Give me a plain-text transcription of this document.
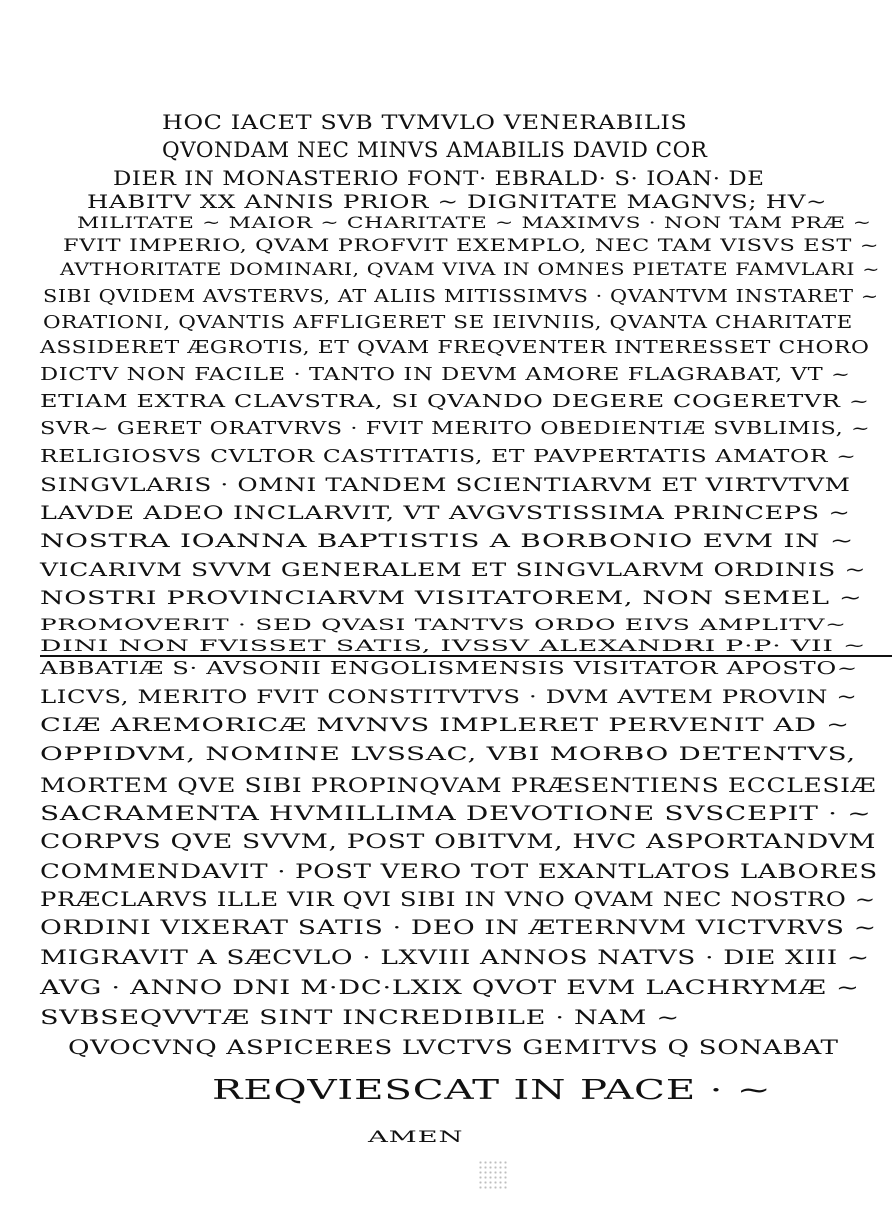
HOC IACET SVB TVMVLO VENERABILIS
QVONDAM NEC MINVS AMABILIS DAVID COR
DIER IN MONASTERIO FONT· EBRALD· S· IOAN· DE
HABITV XX ANNIS PRIOR ~ DIGNITATE MAGNVS; HV~
MILITATE ~ MAIOR ~ CHARITATE ~ MAXIMVS · NON TAM PRÆ ~
FVIT IMPERIO, QVAM PROFVIT EXEMPLO, NEC TAM VISVS EST ~
AVTHORITATE DOMINARI, QVAM VIVA IN OMNES PIETATE FAMVLARI ~
SIBI QVIDEM AVSTERVS, AT ALIIS MITISSIMVS · QVANTVM INSTARET ~
ORATIONI, QVANTIS AFFLIGERET SE IEIVNIIS, QVANTA CHARITATE
ASSIDERET ÆGROTIS, ET QVAM FREQVENTER INTERESSET CHORO
DICTV NON FACILE · TANTO IN DEVM AMORE FLAGRABAT, VT ~
ETIAM EXTRA CLAVSTRA, SI QVANDO DEGERE COGERETVR ~
SVR~ GERET ORATVRVS · FVIT MERITO OBEDIENTIÆ SVBLIMIS, ~
RELIGIOSVS CVLTOR CASTITATIS, ET PAVPERTATIS AMATOR ~
SINGVLARIS · OMNI TANDEM SCIENTIARVM ET VIRTVTVM
LAVDE ADEO INCLARVIT, VT AVGVSTISSIMA PRINCEPS ~
NOSTRA IOANNA BAPTISTIS A BORBONIO EVM IN ~
VICARIVM SVVM GENERALEM ET SINGVLARVM ORDINIS ~
NOSTRI PROVINCIARVM VISITATOREM, NON SEMEL ~
PROMOVERIT · SED QVASI TANTVS ORDO EIVS AMPLITV~
DINI NON FVISSET SATIS, IVSSV ALEXANDRI P·P· VII ~
ABBATIÆ S· AVSONII ENGOLISMENSIS VISITATOR APOSTO~
LICVS, MERITO FVIT CONSTITVTVS · DVM AVTEM PROVIN ~
CIÆ AREMORICÆ MVNVS IMPLERET PERVENIT AD ~
OPPIDVM, NOMINE LVSSAC, VBI MORBO DETENTVS,
MORTEM QVE SIBI PROPINQVAM PRÆSENTIENS ECCLESIÆ
SACRAMENTA HVMILLIMA DEVOTIONE SVSCEPIT · ~
CORPVS QVE SVVM, POST OBITVM, HVC ASPORTANDVM
COMMENDAVIT · POST VERO TOT EXANTLATOS LABORES
PRÆCLARVS ILLE VIR QVI SIBI IN VNO QVAM NEC NOSTRO ~
ORDINI VIXERAT SATIS · DEO IN ÆTERNVM VICTVRVS ~
MIGRAVIT A SÆCVLO · LXVIII ANNOS NATVS · DIE XIII ~
AVG · ANNO DNI M·DC·LXIX QVOT EVM LACHRYMÆ ~
SVBSEQVVTÆ SINT INCREDIBILE · NAM ~
QVOCVNQ ASPICERES LVCTVS GEMITVS Q SONABAT
REQVIESCAT IN PACE · ~
AMEN
